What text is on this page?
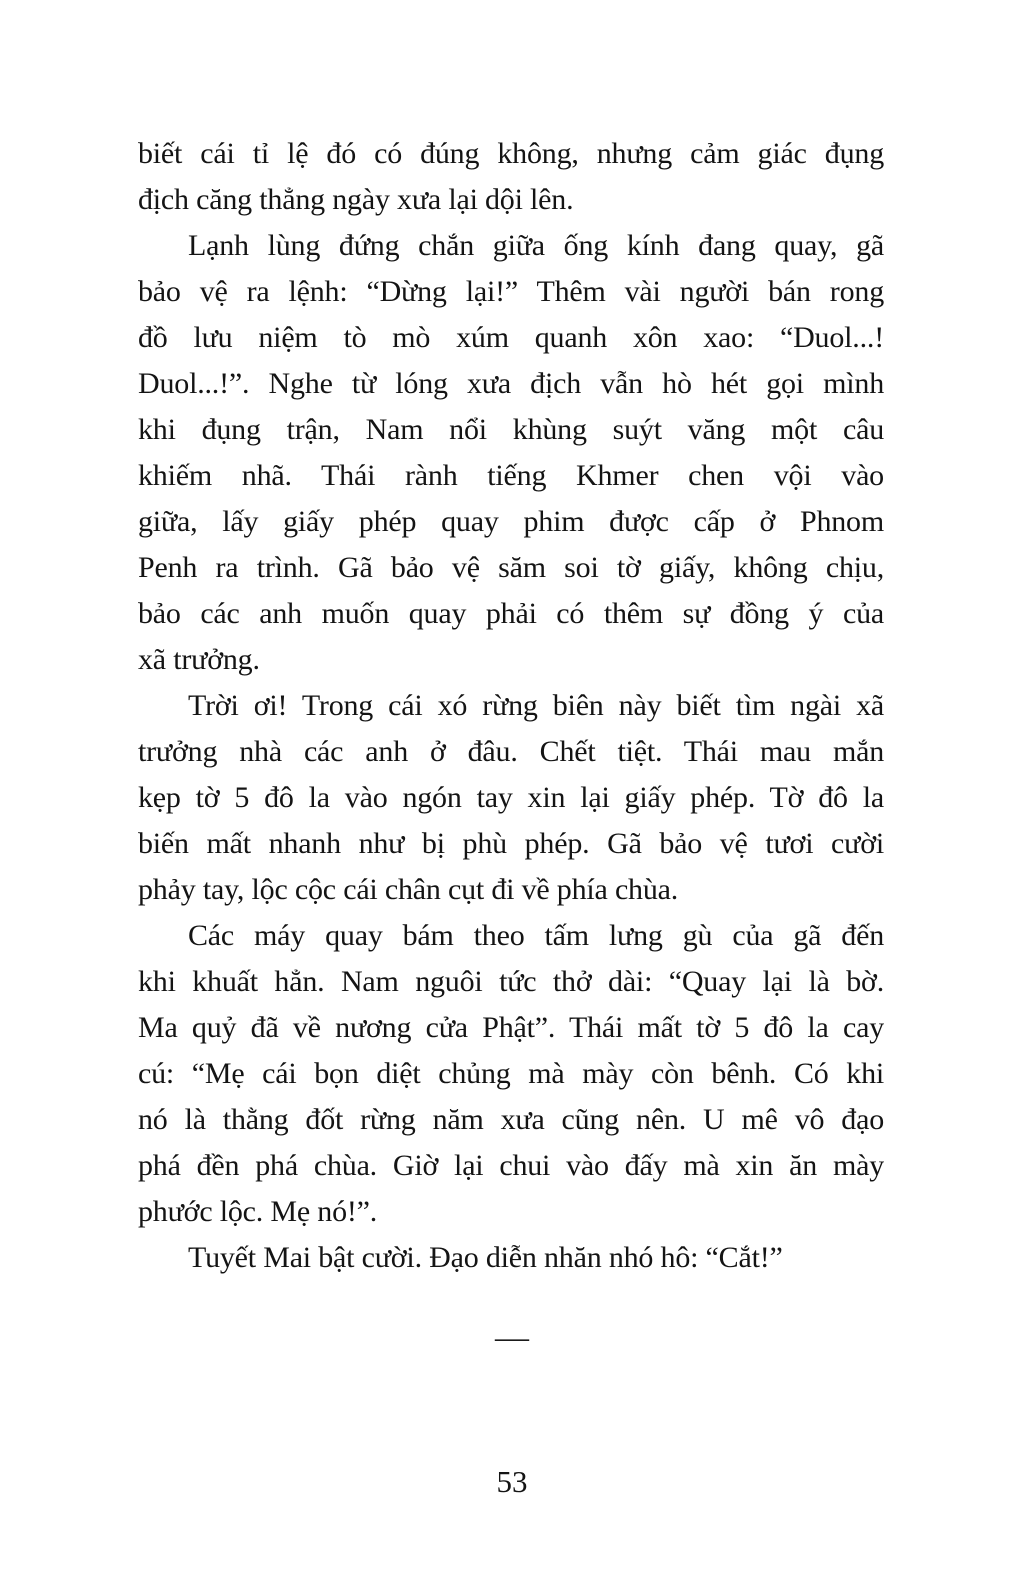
biết cái tỉ lệ đó có đúng không, nhưng cảm giác đụng
địch căng thẳng ngày xưa lại dội lên.
Lạnh lùng đứng chắn giữa ống kính đang quay, gã
bảo vệ ra lệnh: “Dừng lại!” Thêm vài người bán rong
đồ lưu niệm tò mò xúm quanh xôn xao: “Duol...!
Duol...!”. Nghe từ lóng xưa địch vẫn hò hét gọi mình
khi đụng trận, Nam nổi khùng suýt văng một câu
khiếm nhã. Thái rành tiếng Khmer chen vội vào
giữa, lấy giấy phép quay phim được cấp ở Phnom
Penh ra trình. Gã bảo vệ săm soi tờ giấy, không chịu,
bảo các anh muốn quay phải có thêm sự đồng ý của
xã trưởng.
Trời ơi! Trong cái xó rừng biên này biết tìm ngài xã
trưởng nhà các anh ở đâu. Chết tiệt. Thái mau mắn
kẹp tờ 5 đô la vào ngón tay xin lại giấy phép. Tờ đô la
biến mất nhanh như bị phù phép. Gã bảo vệ tươi cười
phảy tay, lộc cộc cái chân cụt đi về phía chùa.
Các máy quay bám theo tấm lưng gù của gã đến
khi khuất hẳn. Nam nguôi tức thở dài: “Quay lại là bờ.
Ma quỷ đã về nương cửa Phật”. Thái mất tờ 5 đô la cay
cú: “Mẹ cái bọn diệt chủng mà mày còn bênh. Có khi
nó là thằng đốt rừng năm xưa cũng nên. U mê vô đạo
phá đền phá chùa. Giờ lại chui vào đấy mà xin ăn mày
phước lộc. Mẹ nó!”.
Tuyết Mai bật cười. Đạo diễn nhăn nhó hô: “Cắt!”
—
53
